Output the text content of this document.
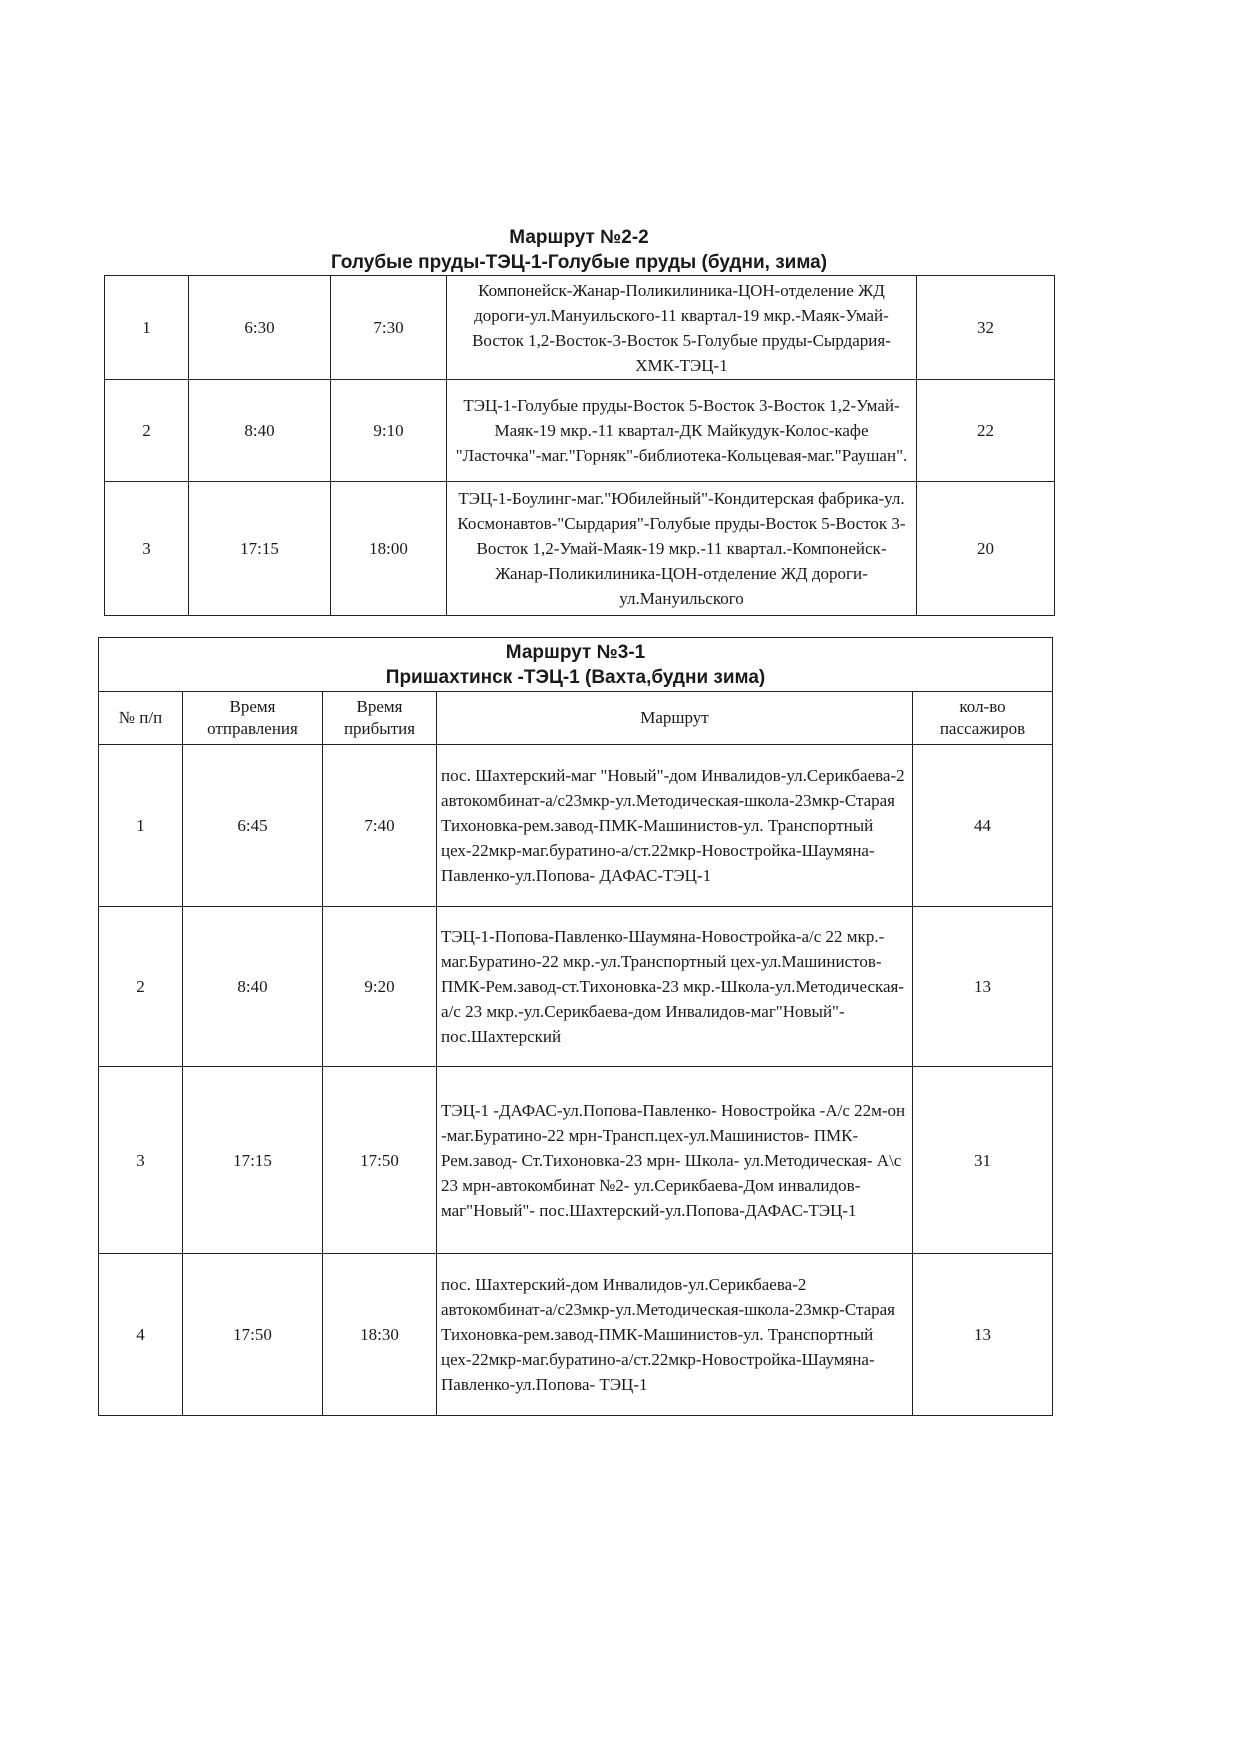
Маршрут №2-2
Голубые пруды-ТЭЦ-1-Голубые пруды (будни, зима)
1	6:30	7:30	Компонейск-Жанар-Поликилиника-ЦОН-отделение ЖД дороги-ул.Мануильского-11 квартал-19 мкр.-Маяк-Умай-Восток 1,2-Восток-3-Восток 5-Голубые пруды-Сырдария-ХМК-ТЭЦ-1	32
2	8:40	9:10	ТЭЦ-1-Голубые пруды-Восток 5-Восток 3-Восток 1,2-Умай-Маяк-19 мкр.-11 квартал-ДК Майкудук-Колос-кафе "Ласточка"-маг."Горняк"-библиотека-Кольцевая-маг."Раушан".	22
3	17:15	18:00	ТЭЦ-1-Боулинг-маг."Юбилейный"-Кондитерская фабрика-ул. Космонавтов-"Сырдария"-Голубые пруды-Восток 5-Восток 3-Восток 1,2-Умай-Маяк-19 мкр.-11 квартал.-Компонейск-Жанар-Поликилиника-ЦОН-отделение ЖД дороги-ул.Мануильского	20
Маршрут №3-1
Пришахтинск -ТЭЦ-1 (Вахта,будни зима)				

№ п/п	Время отправления	Время прибытия	Маршрут	кол-во пассажиров
1	6:45	7:40	пос. Шахтерский-маг "Новый"-дом Инвалидов-ул.Серикбаева-2 автокомбинат-а/с23мкр-ул.Методическая-школа-23мкр-Старая Тихоновка-рем.завод-ПМК-Машинистов-ул. Транспортный цех-22мкр-маг.буратино-а/ст.22мкр-Новостройка-Шаумяна-Павленко-ул.Попова- ДАФАС-ТЭЦ-1	44
2	8:40	9:20	ТЭЦ-1-Попова-Павленко-Шаумяна-Новостройка-а/с 22 мкр.-маг.Буратино-22 мкр.-ул.Транспортный цех-ул.Машинистов-ПМК-Рем.завод-ст.Тихоновка-23 мкр.-Школа-ул.Методическая-а/с 23 мкр.-ул.Серикбаева-дом Инвалидов-маг"Новый"-пос.Шахтерский	13
3	17:15	17:50	ТЭЦ-1 -ДАФАС-ул.Попова-Павленко- Новостройка -А/с 22м-он -маг.Буратино-22 мрн-Трансп.цех-ул.Машинистов- ПМК- Рем.завод- Ст.Тихоновка-23 мрн- Школа- ул.Методическая- А\с 23 мрн-автокомбинат №2- ул.Серикбаева-Дом инвалидов-маг"Новый"- пос.Шахтерский-ул.Попова-ДАФАС-ТЭЦ-1	31
4	17:50	18:30	пос. Шахтерский-дом Инвалидов-ул.Серикбаева-2 автокомбинат-а/с23мкр-ул.Методическая-школа-23мкр-Старая Тихоновка-рем.завод-ПМК-Машинистов-ул. Транспортный цех-22мкр-маг.буратино-а/ст.22мкр-Новостройка-Шаумяна-Павленко-ул.Попова- ТЭЦ-1	13
